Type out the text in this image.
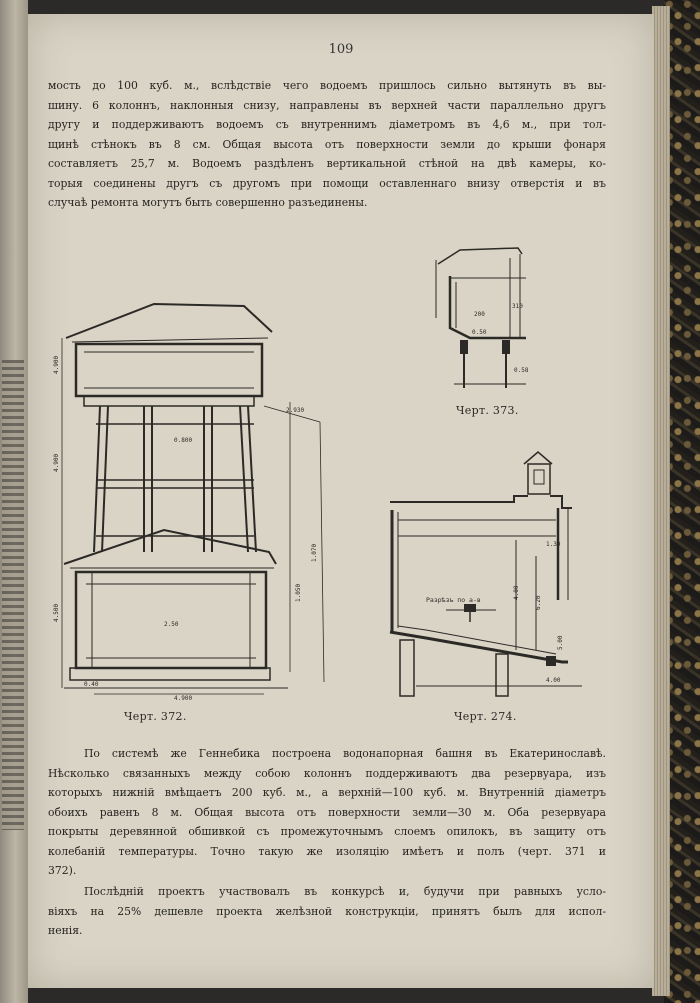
109

мость до 100 куб. м., вслѣдствіе чего водоемъ пришлось сильно вытянуть въ вы-
шину. 6 колоннъ, наклонныя снизу, направлены въ верхней части параллельно другъ
другу и поддерживаютъ водоемъ съ внутреннимъ діаметромъ въ 4,6 м., при тол-
щинѣ стѣнокъ въ 8 см. Общая высота отъ поверхности земли до крыши фонаря
составляетъ 25,7 м. Водоемъ раздѣленъ вертикальной стѣной на двѣ камеры, ко-
торыя соединены другъ съ другомъ при помощи оставленнаго внизу отверстія и въ
случаѣ ремонта могутъ быть совершенно разъединены.

4.900
4.900
4.500
2.930
0.800
1.050
1.070
2.50
0.40
4.900
Черт. 372.
200
310
0.50
0.58
Черт. 373.
Разрѣзъ по a-в
1.30
4.00
6.20
5.00
4.00
Черт. 274.

По системѣ же Геннебика построена водонапорная башня въ Екатеринославѣ.
Нѣсколько связанныхъ между собою колоннъ поддерживаютъ два резервуара, изъ
которыхъ нижній вмѣщаетъ 200 куб. м., а верхній—100 куб. м. Внутренній діаметръ
обоихъ равенъ 8 м. Общая высота отъ поверхности земли—30 м. Оба резервуара
покрыты деревянной обшивкой съ промежуточнымъ слоемъ опилокъ, въ защиту отъ
колебаній температуры. Точно такую же изоляцію имѣетъ и полъ (черт. 371 и
372).

Послѣдній проектъ участвовалъ въ конкурсѣ и, будучи при равныхъ усло-
віяхъ на 25% дешевле проекта желѣзной конструкціи, принятъ былъ для испол-
ненія.
